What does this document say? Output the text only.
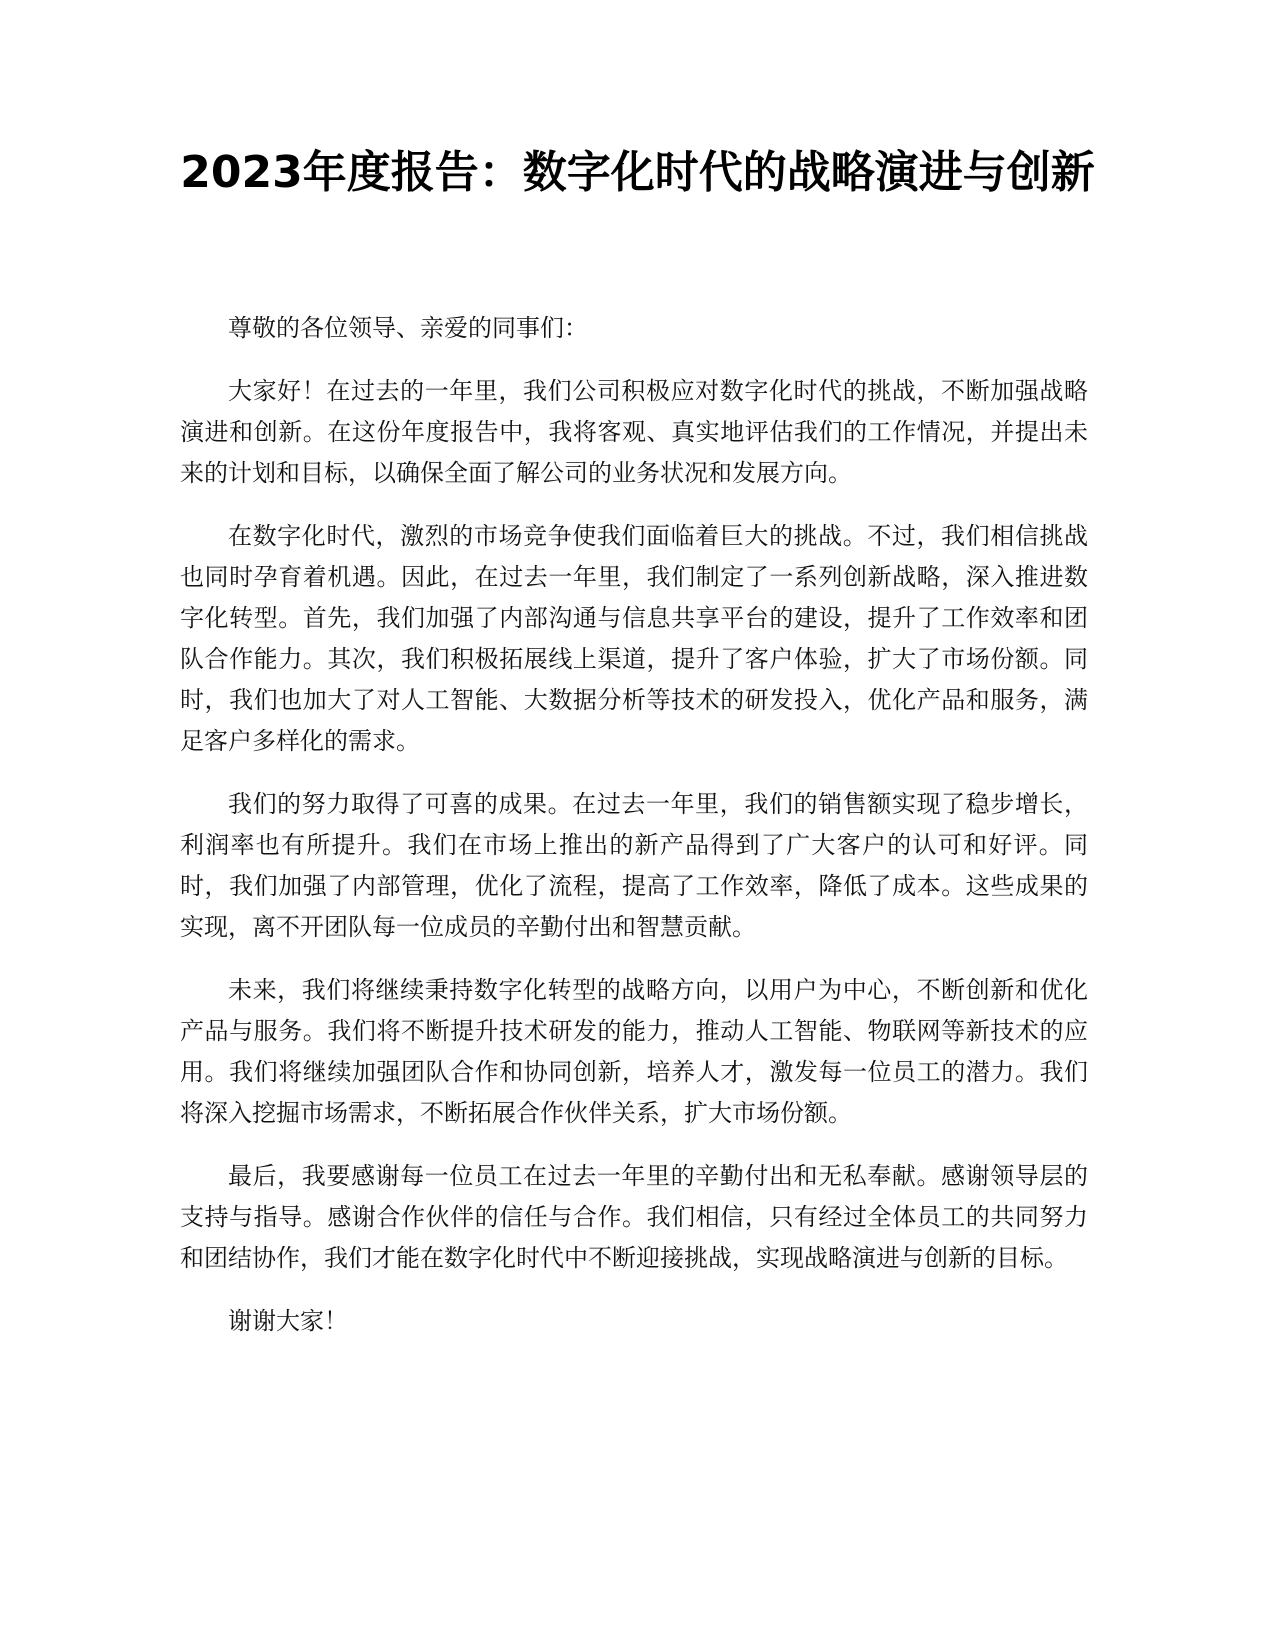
2023年度报告：数字化时代的战略演进与创新

尊敬的各位领导、亲爱的同事们：

大家好！在过去的一年里，我们公司积极应对数字化时代的挑战，不断加强战略演进和创新。在这份年度报告中，我将客观、真实地评估我们的工作情况，并提出未来的计划和目标，以确保全面了解公司的业务状况和发展方向。

在数字化时代，激烈的市场竞争使我们面临着巨大的挑战。不过，我们相信挑战也同时孕育着机遇。因此，在过去一年里，我们制定了一系列创新战略，深入推进数字化转型。首先，我们加强了内部沟通与信息共享平台的建设，提升了工作效率和团队合作能力。其次，我们积极拓展线上渠道，提升了客户体验，扩大了市场份额。同时，我们也加大了对人工智能、大数据分析等技术的研发投入，优化产品和服务，满足客户多样化的需求。

我们的努力取得了可喜的成果。在过去一年里，我们的销售额实现了稳步增长，利润率也有所提升。我们在市场上推出的新产品得到了广大客户的认可和好评。同时，我们加强了内部管理，优化了流程，提高了工作效率，降低了成本。这些成果的实现，离不开团队每一位成员的辛勤付出和智慧贡献。

未来，我们将继续秉持数字化转型的战略方向，以用户为中心，不断创新和优化产品与服务。我们将不断提升技术研发的能力，推动人工智能、物联网等新技术的应用。我们将继续加强团队合作和协同创新，培养人才，激发每一位员工的潜力。我们将深入挖掘市场需求，不断拓展合作伙伴关系，扩大市场份额。

最后，我要感谢每一位员工在过去一年里的辛勤付出和无私奉献。感谢领导层的支持与指导。感谢合作伙伴的信任与合作。我们相信，只有经过全体员工的共同努力和团结协作，我们才能在数字化时代中不断迎接挑战，实现战略演进与创新的目标。

谢谢大家！
